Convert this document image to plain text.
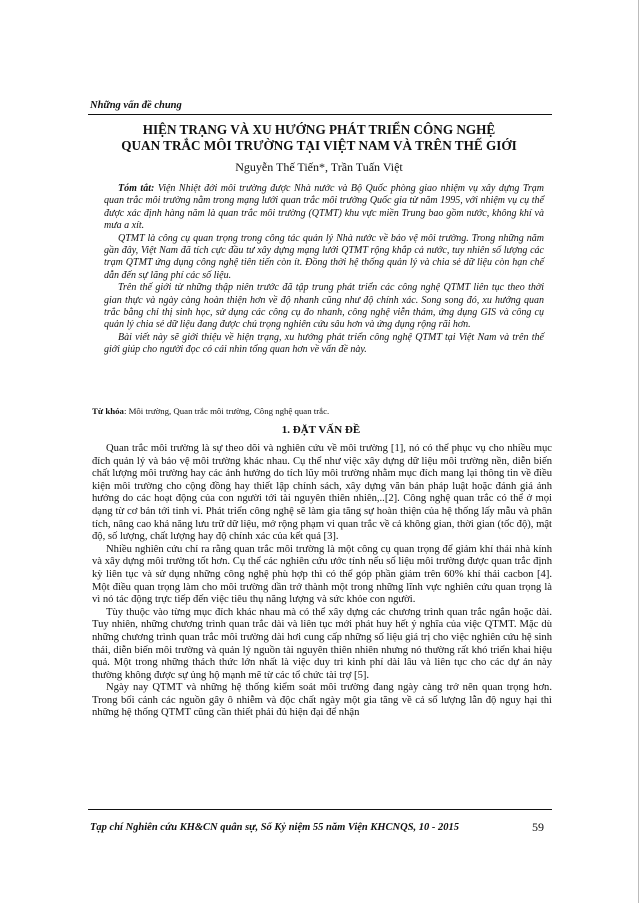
Những vấn đề chung
HIỆN TRẠNG VÀ XU HƯỚNG PHÁT TRIỂN CÔNG NGHỆ
QUAN TRẮC MÔI TRƯỜNG TẠI VIỆT NAM VÀ TRÊN THẾ GIỚI
Nguyễn Thế Tiến*, Trần Tuấn Việt

Tóm tắt: Viện Nhiệt đới môi trường được Nhà nước và Bộ Quốc phòng giao nhiệm vụ xây dựng Trạm quan trắc môi trường nằm trong mạng lưới quan trắc môi trường Quốc gia từ năm 1995, với nhiệm vụ cụ thể được xác định hàng năm là quan trắc môi trường (QTMT) khu vực miền Trung bao gồm nước, không khí và mưa a xít.

QTMT là công cụ quan trọng trong công tác quản lý Nhà nước về bảo vệ môi trường. Trong những năm gần đây, Việt Nam đã tích cực đầu tư xây dựng mạng lưới QTMT rộng khắp cả nước, tuy nhiên số lượng các trạm QTMT ứng dụng công nghệ tiên tiến còn ít. Đồng thời hệ thống quản lý và chia sẻ dữ liệu còn hạn chế dẫn đến sự lãng phí các số liệu.

Trên thế giới từ những thập niên trước đã tập trung phát triển các công nghệ QTMT liên tục theo thời gian thực và ngày càng hoàn thiện hơn về độ nhanh cũng như độ chính xác. Song song đó, xu hướng quan trắc bằng chỉ thị sinh học, sử dụng các công cụ đo nhanh, công nghệ viễn thám, ứng dụng GIS và công cụ quản lý chia sẻ dữ liệu đang được chú trọng nghiên cứu sâu hơn và ứng dụng rộng rãi hơn.

Bài viết này sẽ giới thiệu về hiện trạng, xu hướng phát triển công nghệ QTMT tại Việt Nam và trên thế giới giúp cho người đọc có cái nhìn tổng quan hơn về vấn đề này.

Từ khóa: Môi trường, Quan trắc môi trường, Công nghệ quan trắc.
1. ĐẶT VẤN ĐỀ

Quan trắc môi trường là sự theo dõi và nghiên cứu về môi trường [1], nó có thể phục vụ cho nhiều mục đích quản lý và bảo vệ môi trường khác nhau. Cụ thể như việc xây dựng dữ liệu môi trường nền, diễn biến chất lượng môi trường hay các ảnh hưởng do tích lũy môi trường nhằm mục đích mang lại thông tin về điều kiện môi trường cho cộng đồng hay thiết lập chính sách, xây dựng văn bản pháp luật hoặc đánh giá ảnh hưởng do các hoạt động của con người tới tài nguyên thiên nhiên,..[2]. Công nghệ quan trắc có thể ở mọi dạng từ cơ bản tới tinh vi. Phát triển công nghệ sẽ làm gia tăng sự hoàn thiện của hệ thống lấy mẫu và phân tích, nâng cao khả năng lưu trữ dữ liệu, mở rộng phạm vi quan trắc về cả không gian, thời gian (tốc độ), mật độ, số lượng, chất lượng hay độ chính xác của kết quả [3].

Nhiều nghiên cứu chỉ ra rằng quan trắc môi trường là một công cụ quan trọng để giảm khí thải nhà kính và xây dựng môi trường tốt hơn. Cụ thể các nghiên cứu ước tính nếu số liệu môi trường được quan trắc định kỳ liên tục và sử dụng những công nghệ phù hợp thì có thể góp phần giảm trên 60% khí thải cacbon [4]. Một điều quan trọng làm cho môi trường dần trở thành một trong những lĩnh vực nghiên cứu quan trọng là vì nó tác động trực tiếp đến việc tiêu thụ năng lượng và sức khỏe con người.

Tùy thuộc vào từng mục đích khác nhau mà có thể xây dựng các chương trình quan trắc ngắn hoặc dài. Tuy nhiên, những chương trình quan trắc dài và liên tục mới phát huy hết ý nghĩa của việc QTMT. Mặc dù những chương trình quan trắc môi trường dài hơi cung cấp những số liệu giá trị cho việc nghiên cứu hệ sinh thái, diễn biến môi trường và quản lý nguồn tài nguyên thiên nhiên nhưng nó thường rất khó triển khai hiệu quả. Một trong những thách thức lớn nhất là việc duy trì kinh phí dài lâu và liên tục cho các dự án này thường không được sự ủng hộ mạnh mẽ từ các tổ chức tài trợ [5].

Ngày nay QTMT và những hệ thống kiểm soát môi trường đang ngày càng trở nên quan trọng hơn. Trong bối cảnh các nguồn gây ô nhiễm và độc chất ngày một gia tăng về cả số lượng lẫn độ nguy hại thì những hệ thống QTMT cũng cần thiết phải đủ hiện đại để nhận

Tạp chí Nghiên cứu KH&CN quân sự, Số Kỷ niệm 55 năm Viện KHCNQS, 10 - 2015	59
